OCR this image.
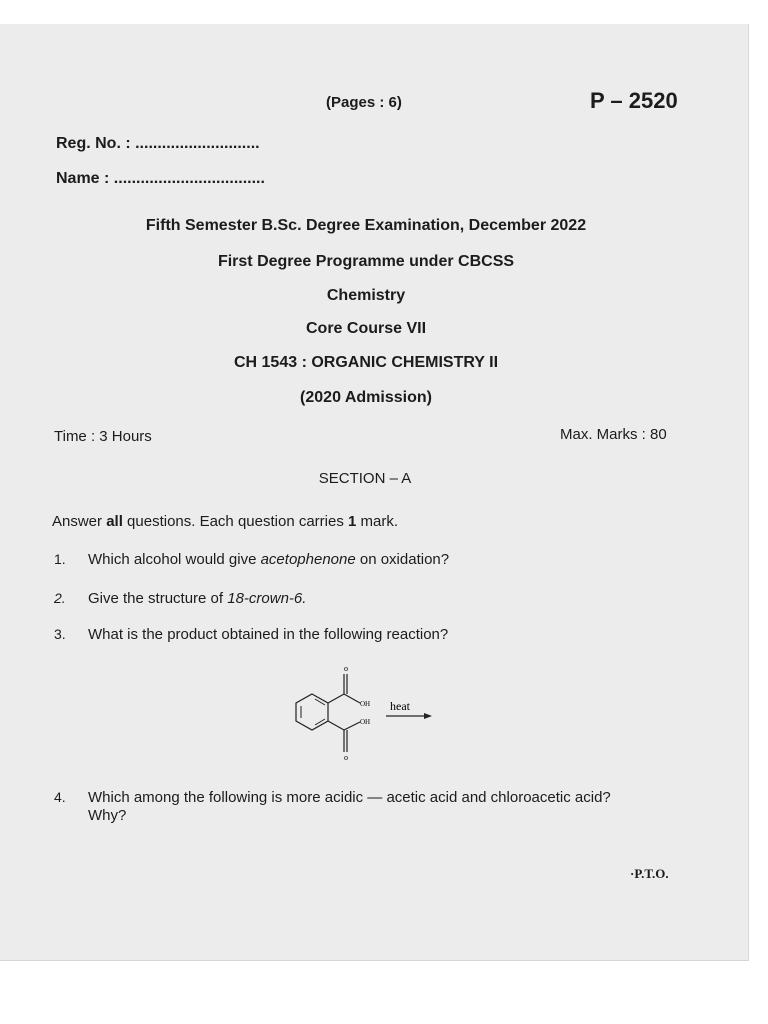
(Pages : 6)	P – 2520
Reg. No. : ............................
Name : ..................................
Fifth Semester B.Sc. Degree Examination, December 2022
First Degree Programme under CBCSS
Chemistry
Core Course VII
CH 1543 : ORGANIC CHEMISTRY II
(2020 Admission)
Time : 3 Hours	Max. Marks : 80
SECTION – A
Answer all questions. Each question carries 1 mark.
1. Which alcohol would give acetophenone on oxidation?
2. Give the structure of 18-crown-6.
3. What is the product obtained in the following reaction?
o
OH
OH
o
heat
4. Which among the following is more acidic — acetic acid and chloroacetic acid?
Why?
·P.T.O.
